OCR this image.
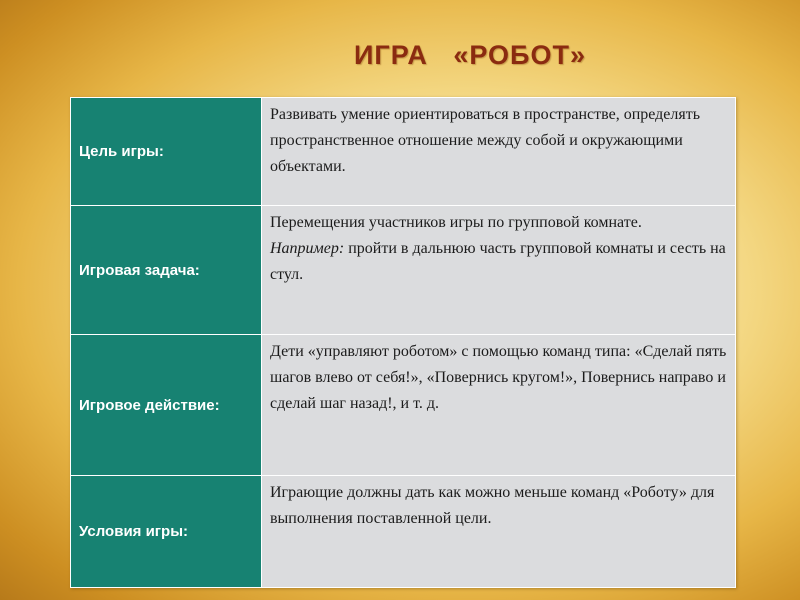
ИГРА   «РОБОТ»
Цель игры:	Развивать умение ориентироваться в пространстве, определять пространственное отношение между собой и окружающими объектами.
Игровая задача:	Перемещения участников игры по групповой комнате.
Например: пройти в дальнюю часть групповой комнаты и сесть на стул.

Игровое действие:	Дети «управляют роботом» с помощью команд типа: «Сделай пять шагов влево от себя!», «Повернись кругом!», Повернись направо и сделай шаг назад!, и т. д.
Условия игры:	Играющие должны дать как можно меньше команд «Роботу» для выполнения поставленной цели.
